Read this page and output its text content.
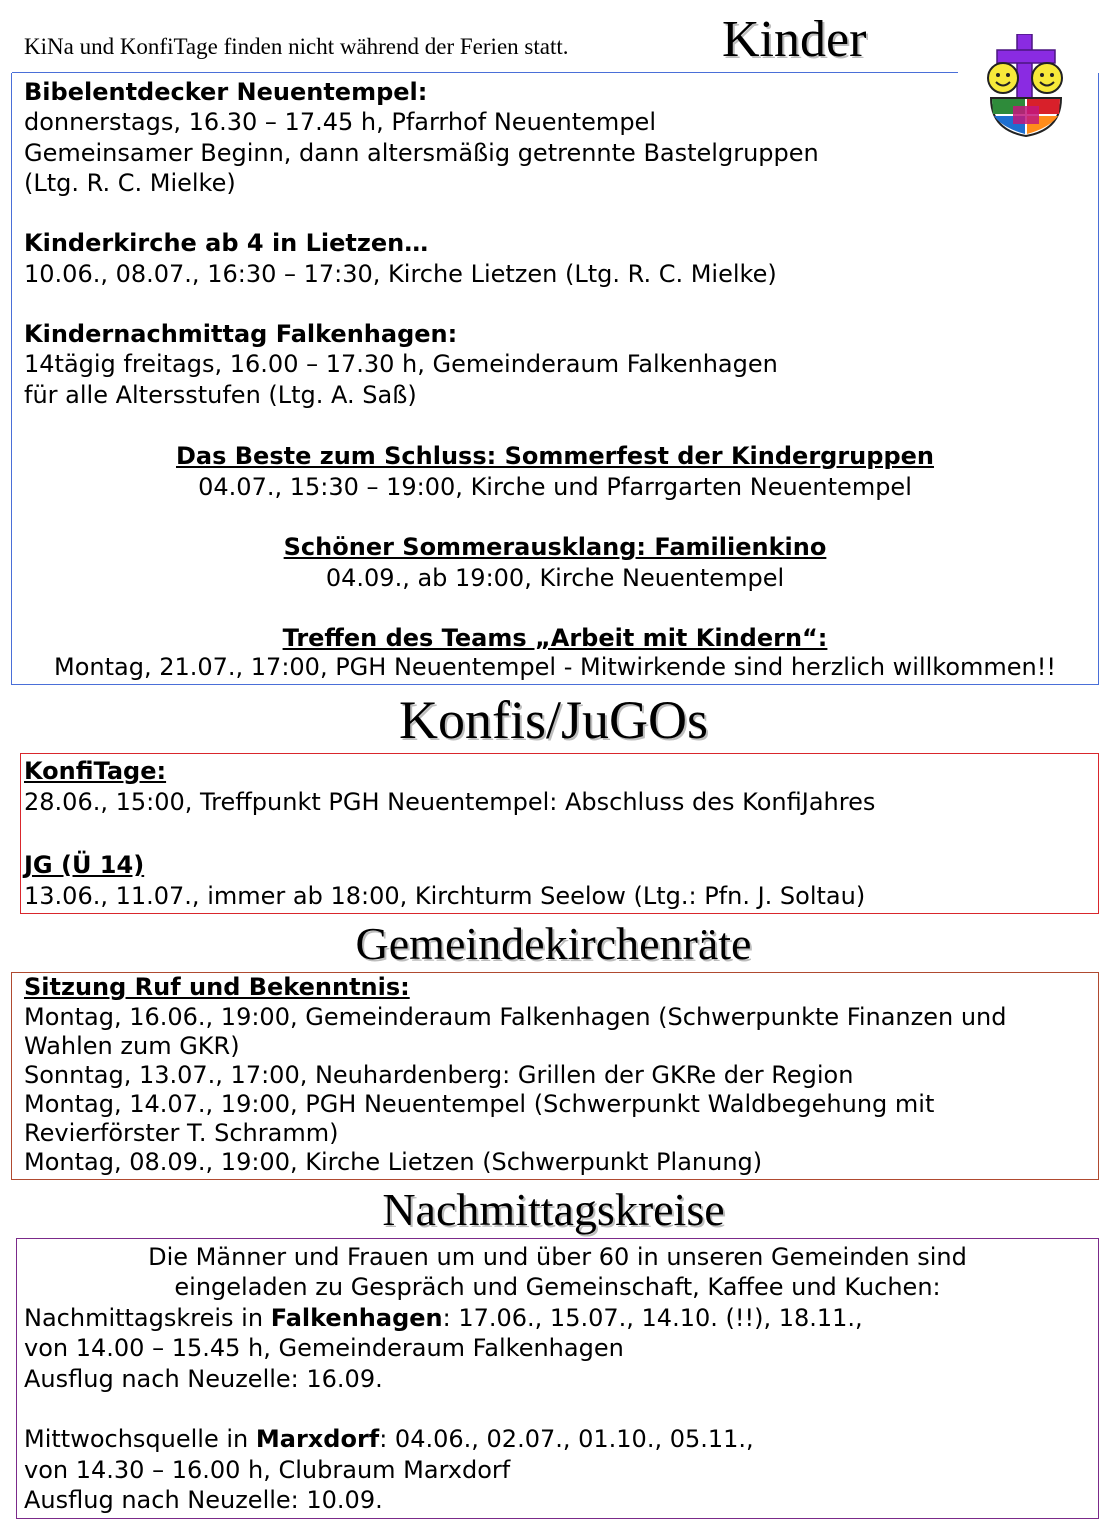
KiNa und KonfiTage finden nicht während der Ferien statt.	Kinder
Bibelentdecker Neuentempel:
donnerstags, 16.30 – 17.45 h, Pfarrhof Neuentempel
Gemeinsamer Beginn, dann altersmäßig getrennte Bastelgruppen
(Ltg. R. C. Mielke)
Kinderkirche ab 4 in Lietzen…
10.06., 08.07., 16:30 – 17:30, Kirche Lietzen (Ltg. R. C. Mielke)
Kindernachmittag Falkenhagen:
14tägig freitags, 16.00 – 17.30 h, Gemeinderaum Falkenhagen
für alle Altersstufen (Ltg. A. Saß)
Das Beste zum Schluss: Sommerfest der Kindergruppen
04.07., 15:30 – 19:00, Kirche und Pfarrgarten Neuentempel
Schöner Sommerausklang: Familienkino
04.09., ab 19:00, Kirche Neuentempel
Treffen des Teams „Arbeit mit Kindern“:
Montag, 21.07., 17:00, PGH Neuentempel - Mitwirkende sind herzlich willkommen!!
Konfis/JuGOs
KonfiTage:
28.06., 15:00, Treffpunkt PGH Neuentempel: Abschluss des KonfiJahres
JG (Ü 14)
13.06., 11.07., immer ab 18:00, Kirchturm Seelow (Ltg.: Pfn. J. Soltau)
Gemeindekirchenräte
Sitzung Ruf und Bekenntnis:
Montag, 16.06., 19:00, Gemeinderaum Falkenhagen (Schwerpunkte Finanzen und
Wahlen zum GKR)
Sonntag, 13.07., 17:00, Neuhardenberg: Grillen der GKRe der Region
Montag, 14.07., 19:00, PGH Neuentempel (Schwerpunkt Waldbegehung mit
Revierförster T. Schramm)
Montag, 08.09., 19:00, Kirche Lietzen (Schwerpunkt Planung)
Nachmittagskreise
Die Männer und Frauen um und über 60 in unseren Gemeinden sind
eingeladen zu Gespräch und Gemeinschaft, Kaffee und Kuchen:
Nachmittagskreis in Falkenhagen: 17.06., 15.07., 14.10. (!!), 18.11.,
von 14.00 – 15.45 h, Gemeinderaum Falkenhagen
Ausflug nach Neuzelle: 16.09.
Mittwochsquelle in Marxdorf: 04.06., 02.07., 01.10., 05.11.,
von 14.30 – 16.00 h, Clubraum Marxdorf
Ausflug nach Neuzelle: 10.09.
